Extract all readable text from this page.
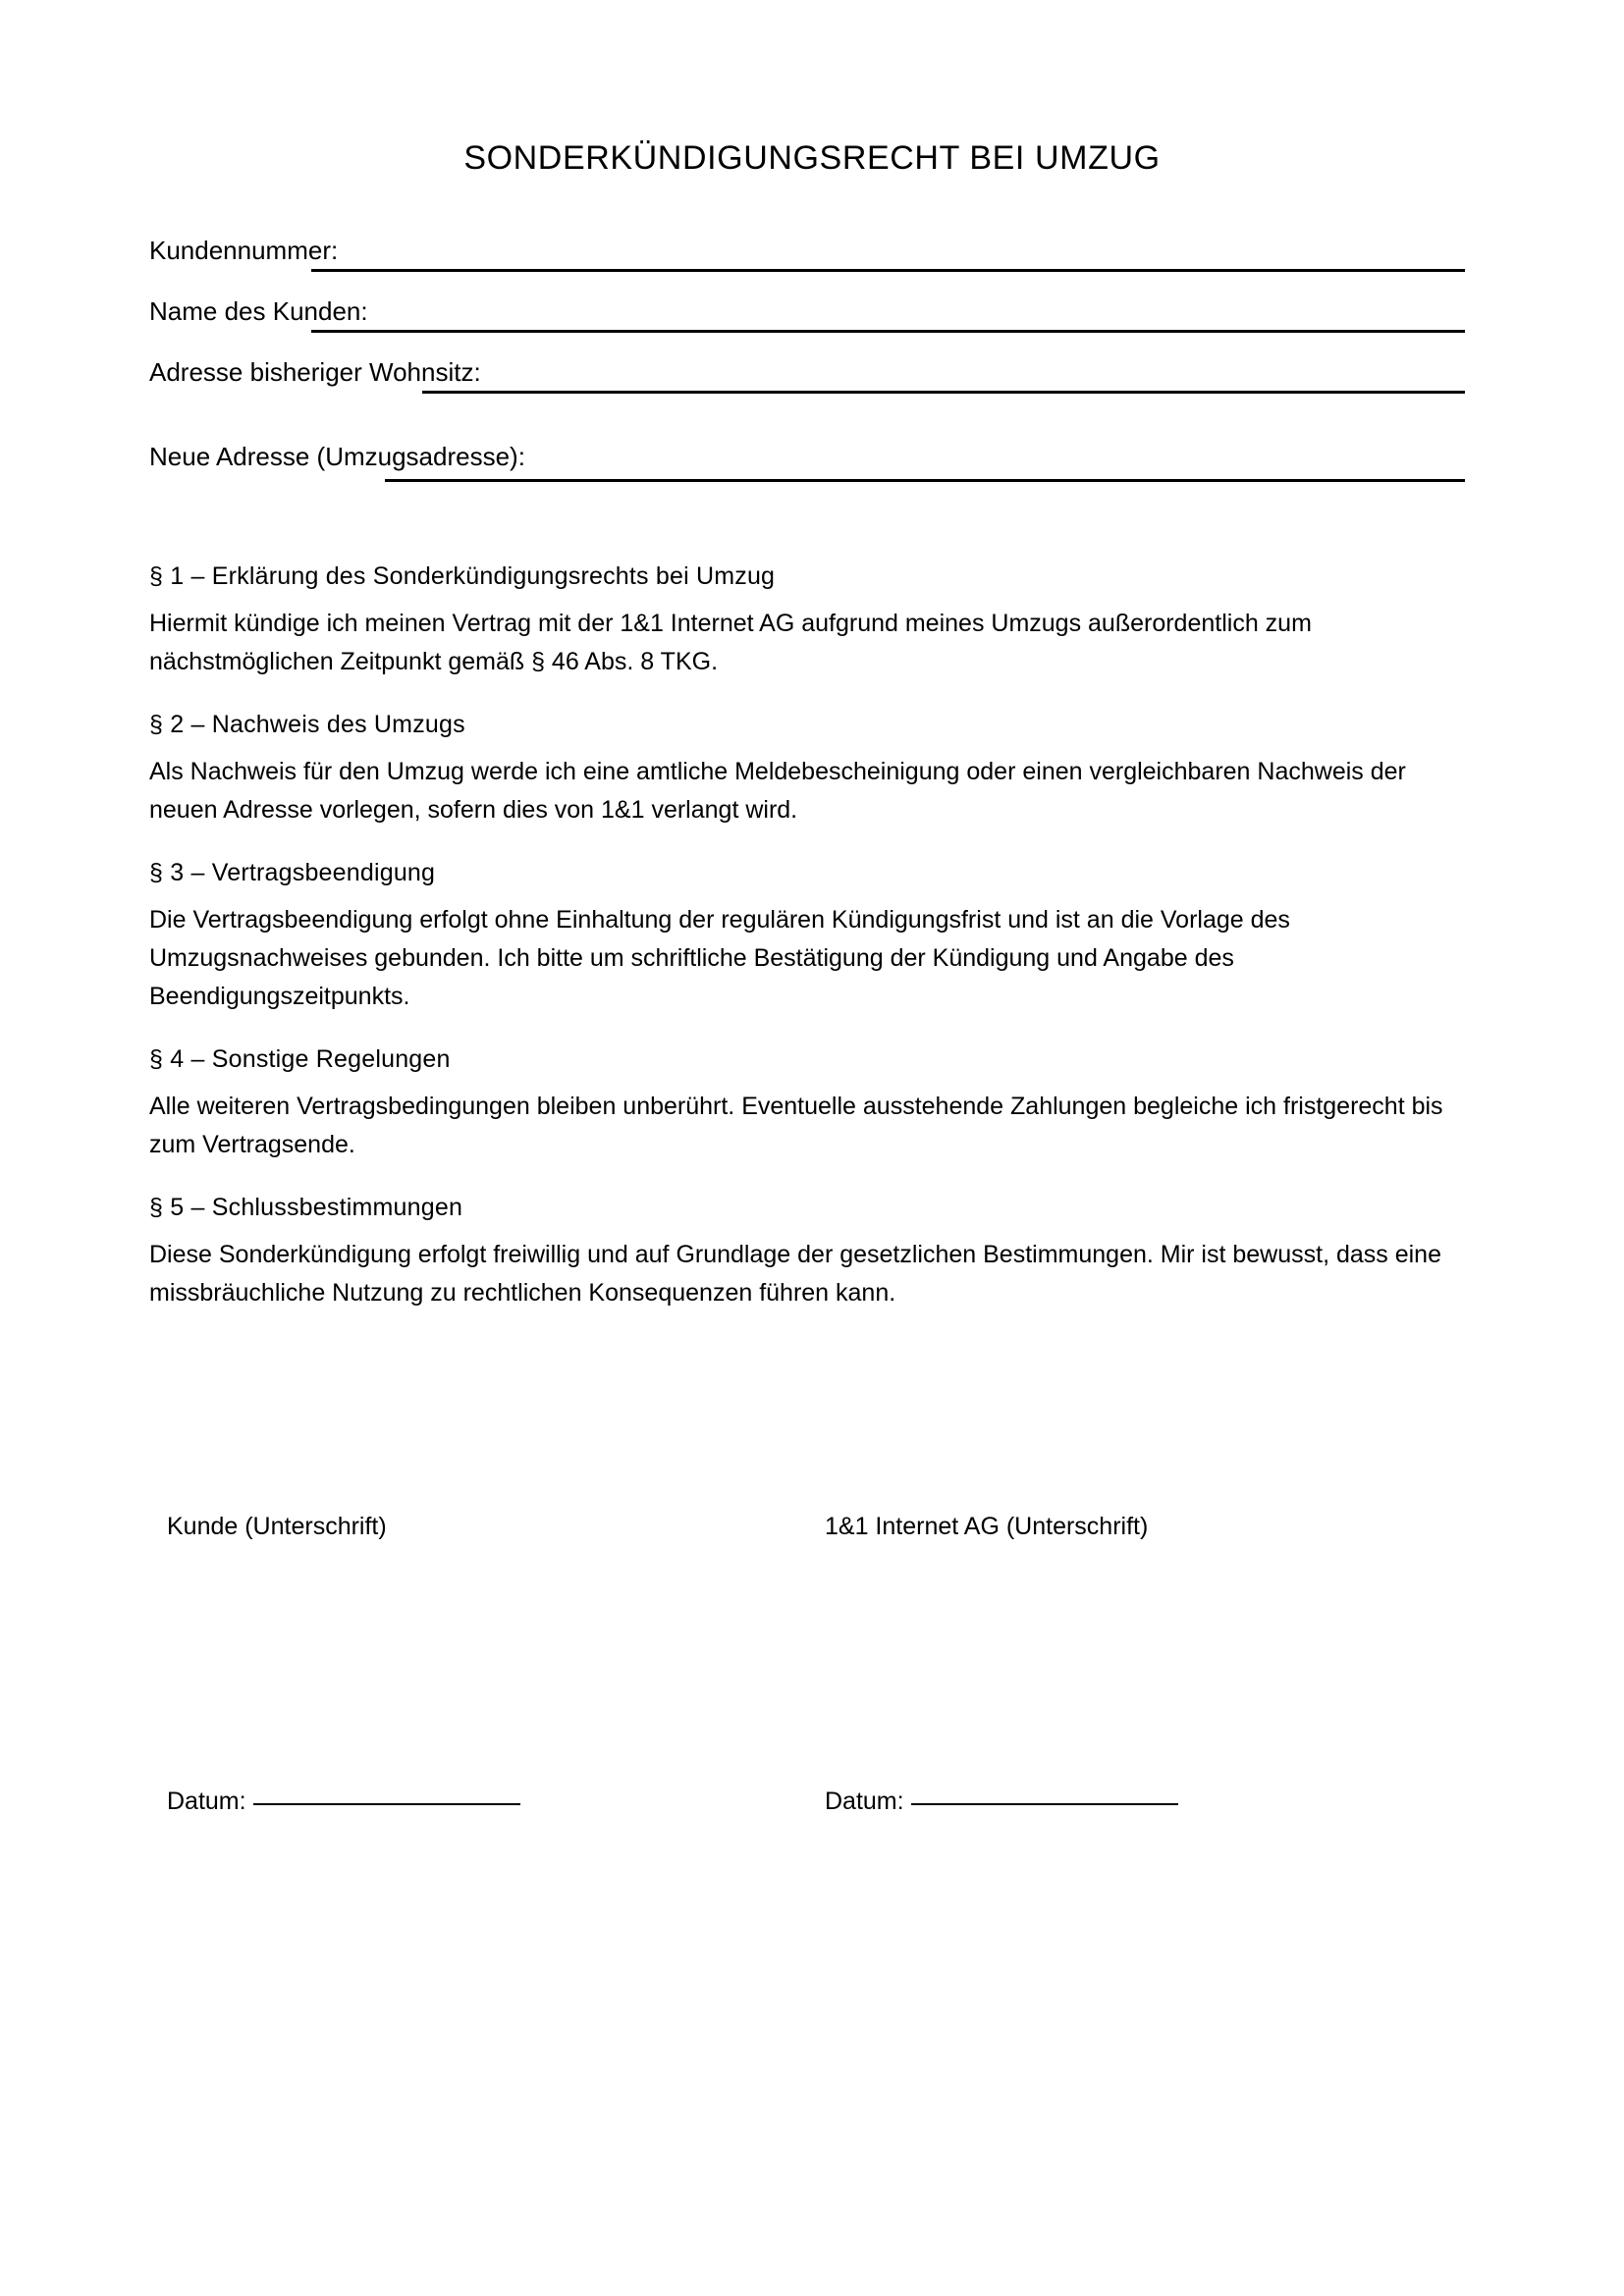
SONDERKÜNDIGUNGSRECHT BEI UMZUG
Kundennummer:
Name des Kunden:
Adresse bisheriger Wohnsitz:
Neue Adresse (Umzugsadresse):
§ 1 – Erklärung des Sonderkündigungsrechts bei Umzug

Hiermit kündige ich meinen Vertrag mit der 1&1 Internet AG aufgrund meines Umzugs außerordentlich zum nächstmöglichen Zeitpunkt gemäß § 46 Abs. 8 TKG.

§ 2 – Nachweis des Umzugs

Als Nachweis für den Umzug werde ich eine amtliche Meldebescheinigung oder einen vergleichbaren Nachweis der neuen Adresse vorlegen, sofern dies von 1&1 verlangt wird.

§ 3 – Vertragsbeendigung

Die Vertragsbeendigung erfolgt ohne Einhaltung der regulären Kündigungsfrist und ist an die Vorlage des Umzugsnachweises gebunden. Ich bitte um schriftliche Bestätigung der Kündigung und Angabe des Beendigungszeitpunkts.

§ 4 – Sonstige Regelungen

Alle weiteren Vertragsbedingungen bleiben unberührt. Eventuelle ausstehende Zahlungen begleiche ich fristgerecht bis zum Vertragsende.

§ 5 – Schlussbestimmungen

Diese Sonderkündigung erfolgt freiwillig und auf Grundlage der gesetzlichen Bestimmungen. Mir ist bewusst, dass eine missbräuchliche Nutzung zu rechtlichen Konsequenzen führen kann.

Kunde (Unterschrift)	1&1 Internet AG (Unterschrift)
Datum:	Datum:
